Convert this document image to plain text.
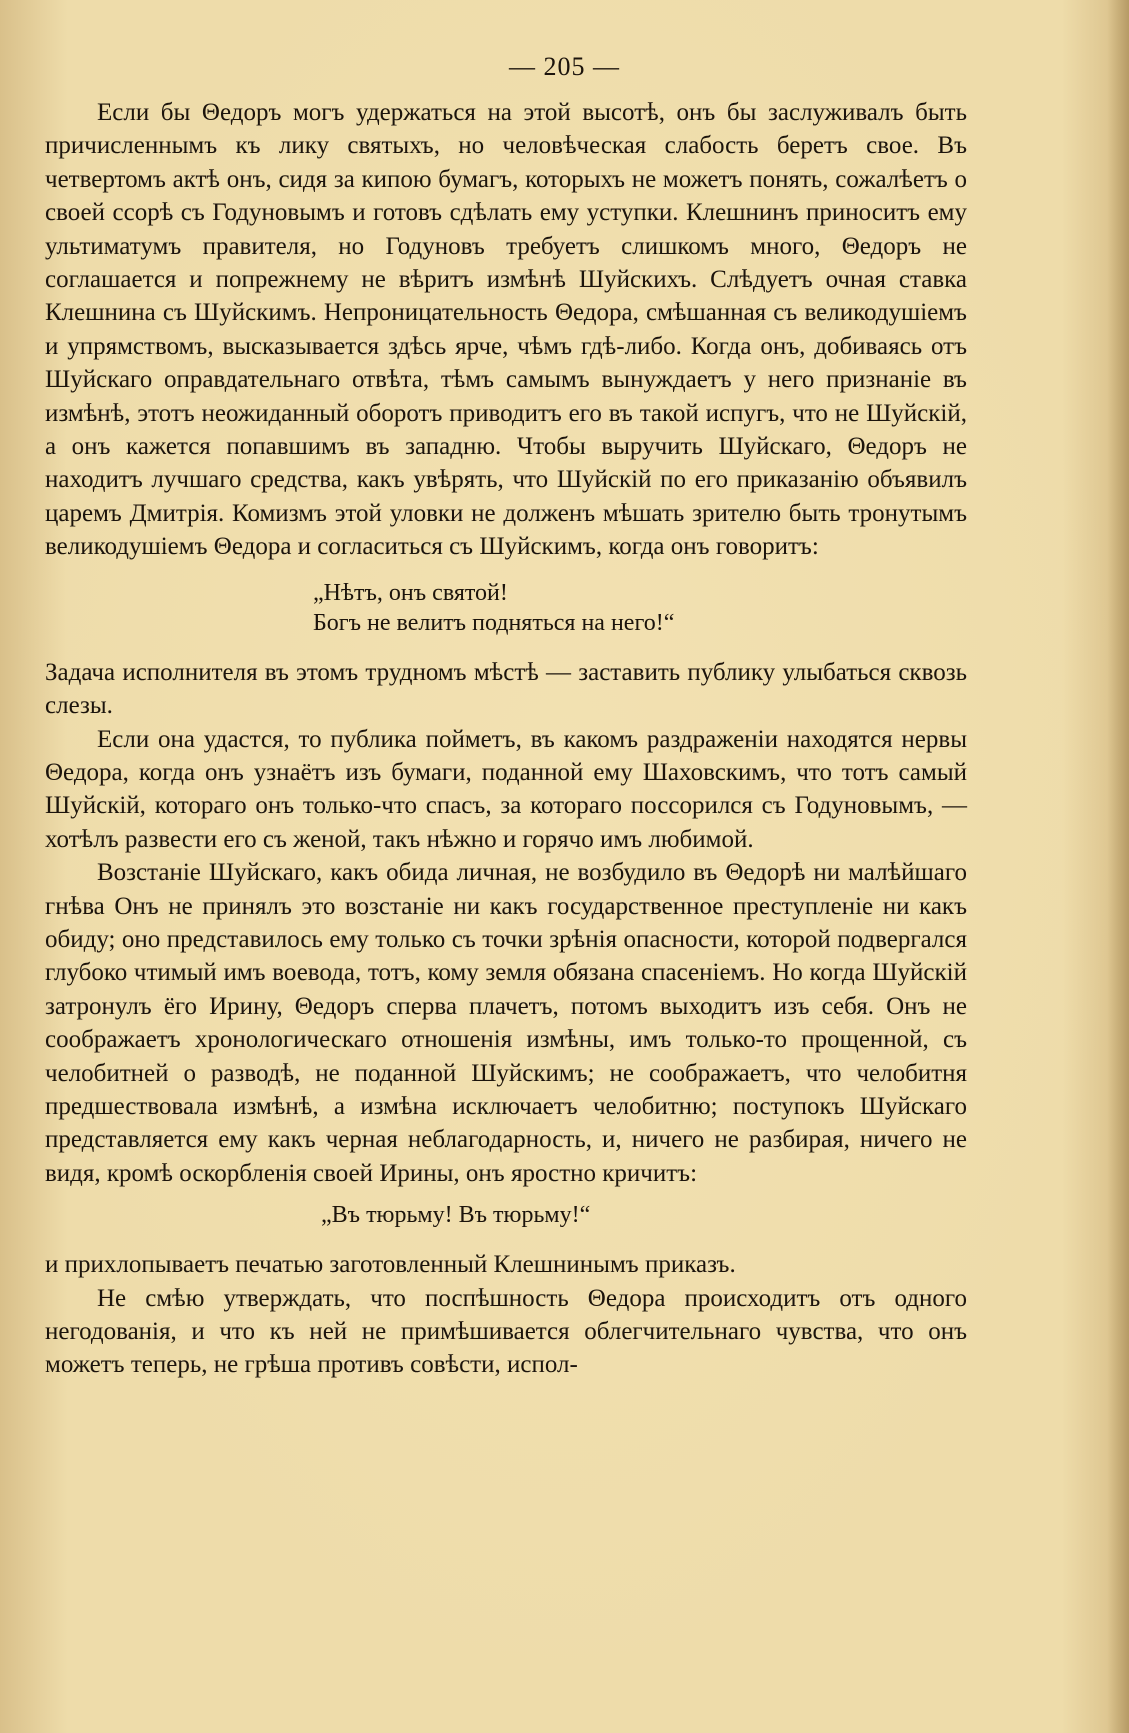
— 205 —

Если бы Θедоръ могъ удержаться на этой высотѣ, онъ бы заслуживалъ быть причисленнымъ къ лику святыхъ, но человѣческая слабость беретъ свое. Въ четвертомъ актѣ онъ, сидя за кипою бумагъ, которыхъ не можетъ понять, сожалѣетъ о своей ссорѣ съ Годуновымъ и готовъ сдѣлать ему уступки. Клешнинъ приноситъ ему ультиматумъ правителя, но Годуновъ требуетъ слишкомъ много, Θедоръ не соглашается и попрежнему не вѣритъ измѣнѣ Шуйскихъ. Слѣдуетъ очная ставка Клешнина съ Шуйскимъ. Непроницательность Θедора, смѣшанная съ великодушіемъ и упрямствомъ, высказывается здѣсь ярче, чѣмъ гдѣ-либо. Когда онъ, добиваясь отъ Шуйскаго оправдательнаго отвѣта, тѣмъ самымъ вынуждаетъ у него признаніе въ измѣнѣ, этотъ неожиданный оборотъ приводитъ его въ такой испугъ, что не Шуйскій, а онъ кажется попавшимъ въ западню. Чтобы выручить Шуйскаго, Θедоръ не находитъ лучшаго средства, какъ увѣрять, что Шуйскій по его приказанію объявилъ царемъ Дмитрія. Комизмъ этой уловки не долженъ мѣшать зрителю быть тронутымъ великодушіемъ Θедора и согласиться съ Шуйскимъ, когда онъ говоритъ:

„Нѣтъ, онъ святой!
Богъ не велитъ подняться на него!“

Задача исполнителя въ этомъ трудномъ мѣстѣ — заставить публику улыбаться сквозь слезы.

Если она удастся, то публика пойметъ, въ какомъ раздраженіи находятся нервы Θедора, когда онъ узнаётъ изъ бумаги, поданной ему Шаховскимъ, что тотъ самый Шуйскій, котораго онъ только-что спасъ, за котораго поссорился съ Годуновымъ, — хотѣлъ развести его съ женой, такъ нѣжно и горячо имъ любимой.

Возстаніе Шуйскаго, какъ обида личная, не возбудило въ Θедорѣ ни малѣйшаго гнѣва Онъ не принялъ это возстаніе ни какъ государственное преступленіе ни какъ обиду; оно представилось ему только съ точки зрѣнія опасности, которой подвергался глубоко чтимый имъ воевода, тотъ, кому земля обязана спасеніемъ. Но когда Шуйскій затронулъ ёго Ирину, Θедоръ сперва плачетъ, потомъ выходитъ изъ себя. Онъ не соображаетъ хронологическаго отношенія измѣны, имъ только-то прощенной, съ челобитней о разводѣ, не поданной Шуйскимъ; не соображаетъ, что челобитня предшествовала измѣнѣ, а измѣна исключаетъ челобитню; поступокъ Шуйскаго представляется ему какъ черная неблагодарность, и, ничего не разбирая, ничего не видя, кромѣ оскорбленія своей Ирины, онъ яростно кричитъ:

„Въ тюрьму! Въ тюрьму!“

и прихлопываетъ печатью заготовленный Клешнинымъ приказъ.

Не смѣю утверждать, что поспѣшность Θедора происходитъ отъ одного негодованія, и что къ ней не примѣшивается облегчительнаго чувства, что онъ можетъ теперь, не грѣша противъ совѣсти, испол-
